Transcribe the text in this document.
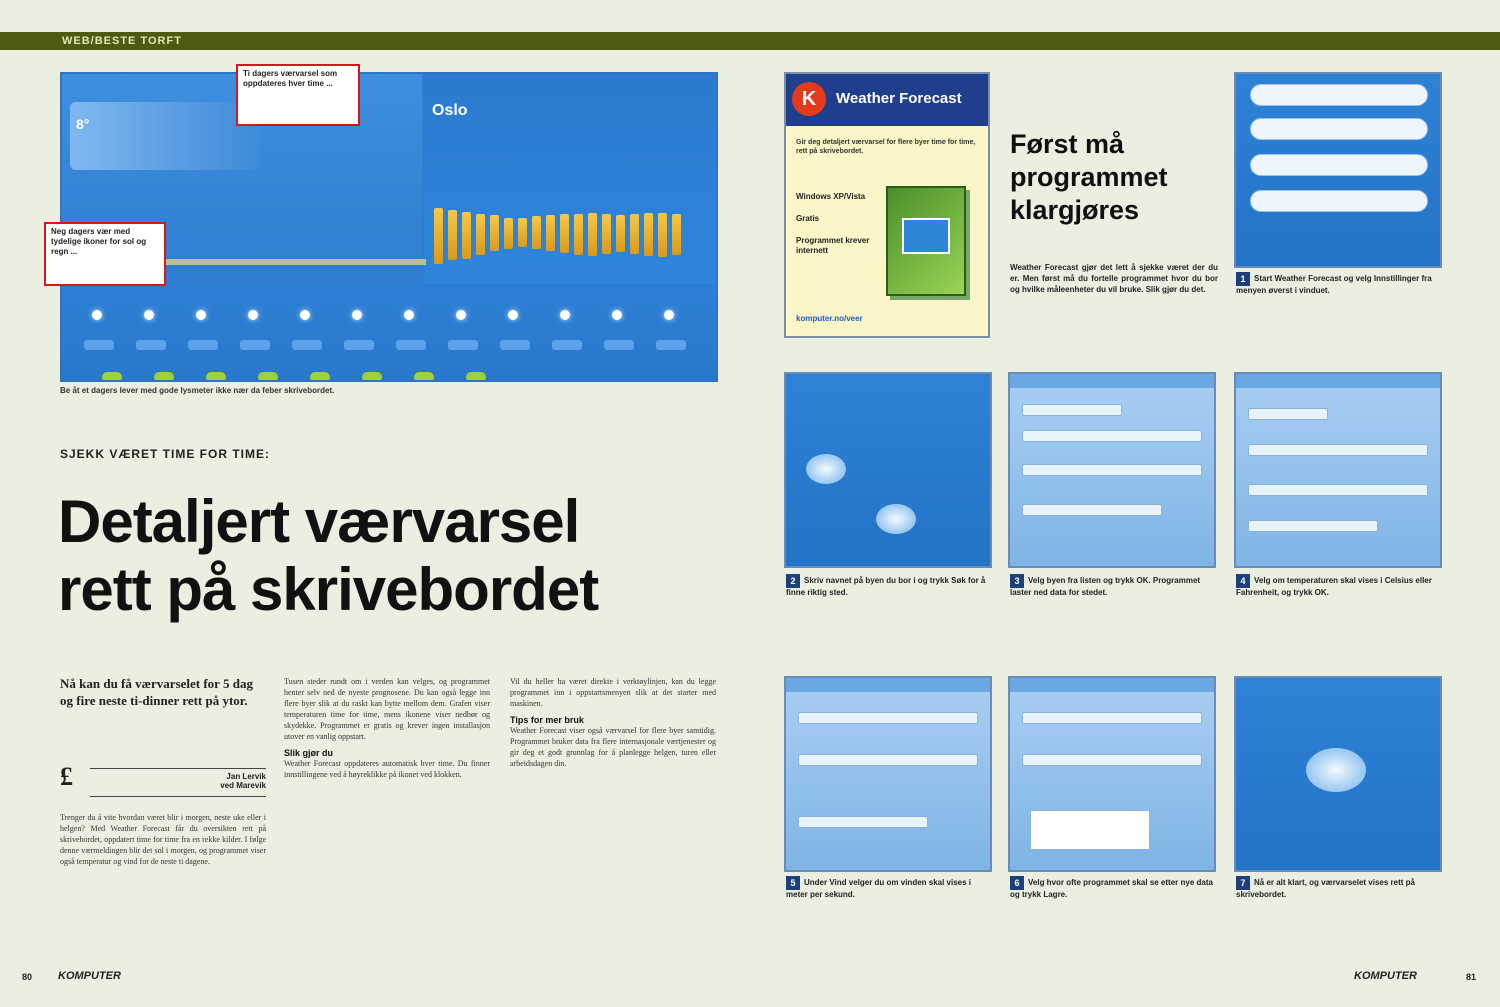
WEB/BESTE TORFT
8°
Oslo
Ti dagers værvarsel som oppdateres hver time ...
Neg dagers vær med tydelige ikoner for sol og regn ...
Be åt et dagers lever med gode lysmeter ikke nær da feber skrivebordet.
SJEKK VÆRET TIME FOR TIME:
Detaljert værvarsel
rett på skrivebordet
Nå kan du få værvarselet for 5 dag og fire neste ti-dinner rett på ytor.
£	Jan Lervik
ved Marevik
Trenger du å vite hvordan været blir i morgen, neste uke eller i helgen? Med Weather Forecast får du oversikten rett på skrivebordet, oppdatert time for time fra en rekke kilder. I følge denne værmeldingen blir det sol i morgen, og programmet viser også temperatur og vind for de neste ti dagene.
Tusen steder rundt om i verden kan velges, og programmet henter selv ned de nyeste prognosene. Du kan også legge inn flere byer slik at du raskt kan bytte mellom dem. Grafen viser temperaturen time for time, mens ikonene viser nedbør og skydekke. Programmet er gratis og krever ingen installasjon utover en vanlig oppstart.
Slik gjør du
Weather Forecast oppdateres automatisk hver time. Du finner innstillingene ved å høyreklikke på ikonet ved klokken.
Vil du heller ha været direkte i verktøylinjen, kan du legge programmet inn i oppstartsmenyen slik at det starter med maskinen.
Tips for mer bruk
Weather Forecast viser også værvarsel for flere byer samtidig. Programmet bruker data fra flere internasjonale værtjenester og gir deg et godt grunnlag for å planlegge helgen, turen eller arbeidsdagen din.
80 KOMPUTER	KOMPUTER	81
K	Weather Forecast
Gir deg detaljert værvarsel for flere byer time for time, rett på skrivebordet.
Windows XP/Vista
Gratis
Programmet krever internett
komputer.no/veer
Først må
programmet
klargjøres
Weather Forecast gjør det lett å sjekke været der du er. Men først må du fortelle programmet hvor du bor og hvilke måleenheter du vil bruke. Slik gjør du det.
1 Start Weather Forecast og velg Innstillinger fra menyen øverst i vinduet.
2 Skriv navnet på byen du bor i og trykk Søk for å finne riktig sted.
3 Velg byen fra listen og trykk OK. Programmet laster ned data for stedet.
4 Velg om temperaturen skal vises i Celsius eller Fahrenheit, og trykk OK.
5 Under Vind velger du om vinden skal vises i meter per sekund.
6 Velg hvor ofte programmet skal se etter nye data og trykk Lagre.
7 Nå er alt klart, og værvarselet vises rett på skrivebordet.
